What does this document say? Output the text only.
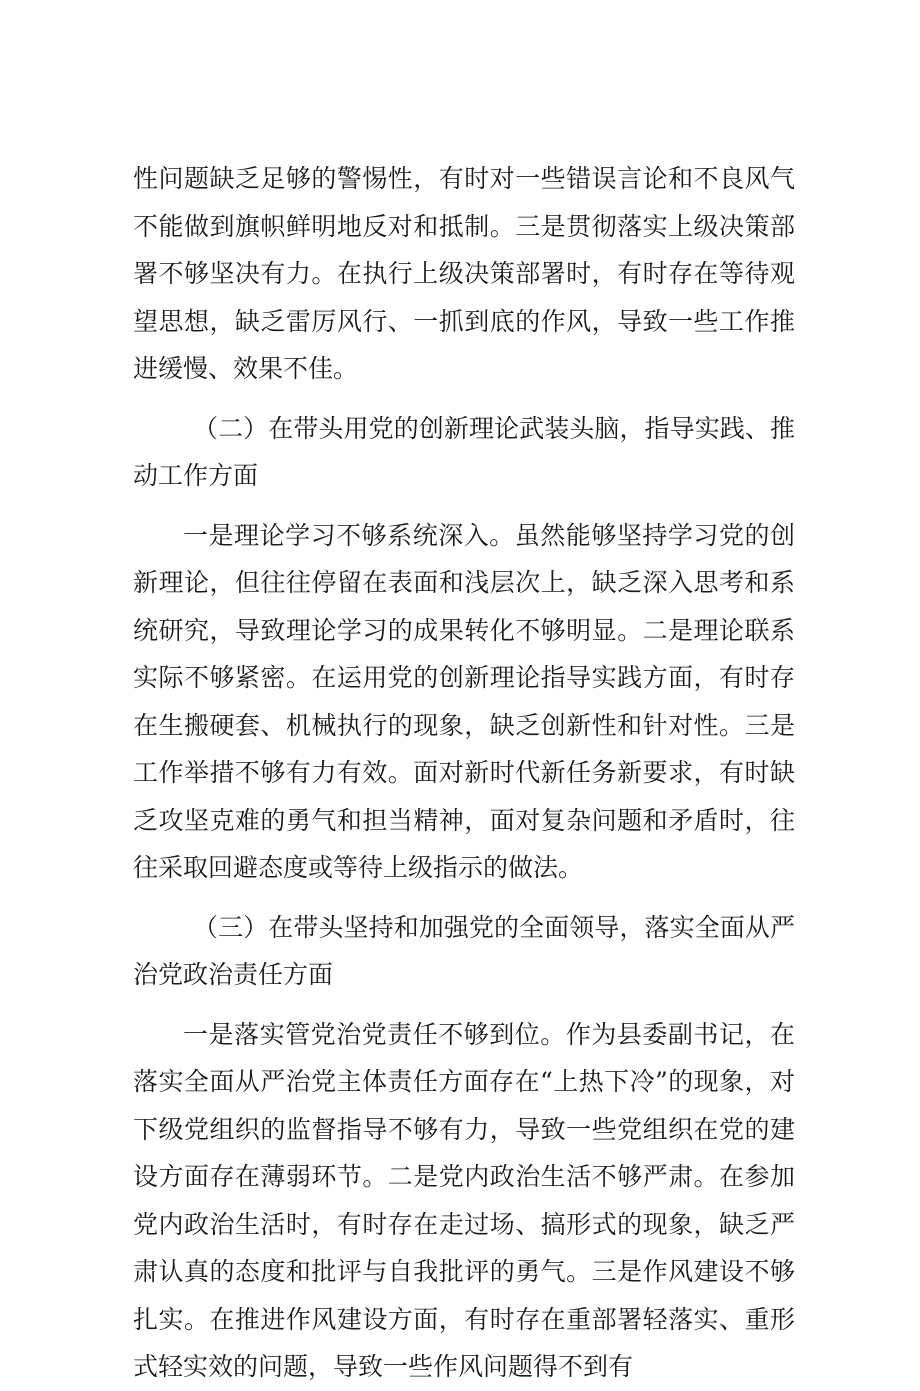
性问题缺乏足够的警惕性，有时对一些错误言论和不良风气不能做到旗帜鲜明地反对和抵制。三是贯彻落实上级决策部署不够坚决有力。在执行上级决策部署时，有时存在等待观望思想，缺乏雷厉风行、一抓到底的作风，导致一些工作推进缓慢、效果不佳。

（二）在带头用党的创新理论武装头脑，指导实践、推动工作方面

一是理论学习不够系统深入。虽然能够坚持学习党的创新理论，但往往停留在表面和浅层次上，缺乏深入思考和系统研究，导致理论学习的成果转化不够明显。二是理论联系实际不够紧密。在运用党的创新理论指导实践方面，有时存在生搬硬套、机械执行的现象，缺乏创新性和针对性。三是工作举措不够有力有效。面对新时代新任务新要求，有时缺乏攻坚克难的勇气和担当精神，面对复杂问题和矛盾时，往往采取回避态度或等待上级指示的做法。

（三）在带头坚持和加强党的全面领导，落实全面从严治党政治责任方面

一是落实管党治党责任不够到位。作为县委副书记，在落实全面从严治党主体责任方面存在“上热下冷”的现象，对下级党组织的监督指导不够有力，导致一些党组织在党的建设方面存在薄弱环节。二是党内政治生活不够严肃。在参加党内政治生活时，有时存在走过场、搞形式的现象，缺乏严肃认真的态度和批评与自我批评的勇气。三是作风建设不够扎实。在推进作风建设方面，有时存在重部署轻落实、重形式轻实效的问题，导致一些作风问题得不到有
